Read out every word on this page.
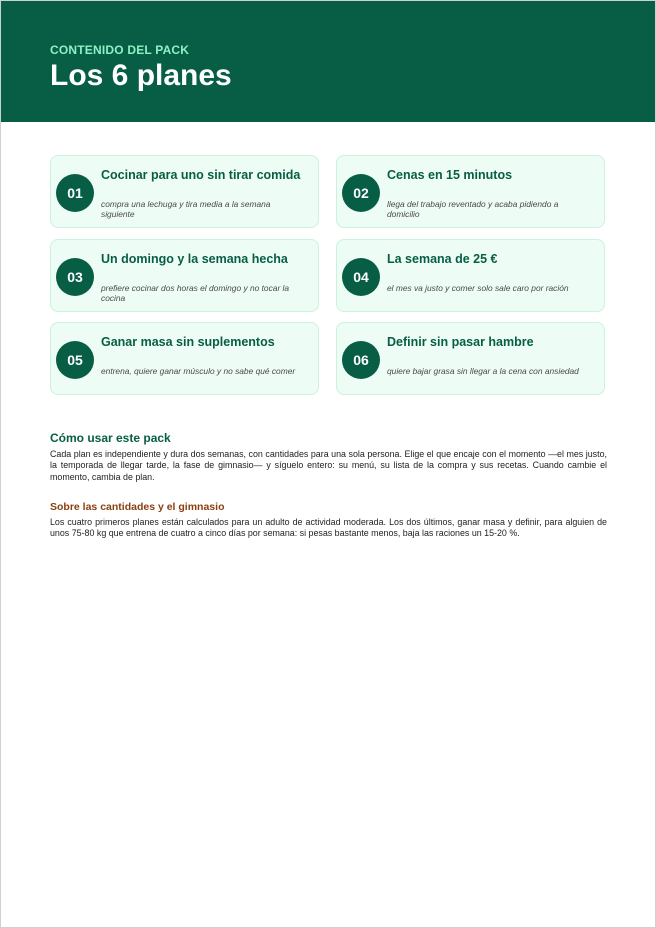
CONTENIDO DEL PACK
Los 6 planes
01
Cocinar para uno sin tirar comida
compra una lechuga y tira media a la semana siguiente
02
Cenas en 15 minutos
llega del trabajo reventado y acaba pidiendo a domicilio
03
Un domingo y la semana hecha
prefiere cocinar dos horas el domingo y no tocar la cocina
04
La semana de 25 €
el mes va justo y comer solo sale caro por ración
05
Ganar masa sin suplementos
entrena, quiere ganar músculo y no sabe qué comer
06
Definir sin pasar hambre
quiere bajar grasa sin llegar a la cena con ansiedad
Cómo usar este pack
Cada plan es independiente y dura dos semanas, con cantidades para una sola persona. Elige el que encaje con el momento —el mes justo, la temporada de llegar tarde, la fase de gimnasio— y síguelo entero: su menú, su lista de la compra y sus recetas. Cuando cambie el momento, cambia de plan.
Sobre las cantidades y el gimnasio
Los cuatro primeros planes están calculados para un adulto de actividad moderada. Los dos últimos, ganar masa y definir, para alguien de unos 75-80 kg que entrena de cuatro a cinco días por semana: si pesas bastante menos, baja las raciones un 15-20 %.
